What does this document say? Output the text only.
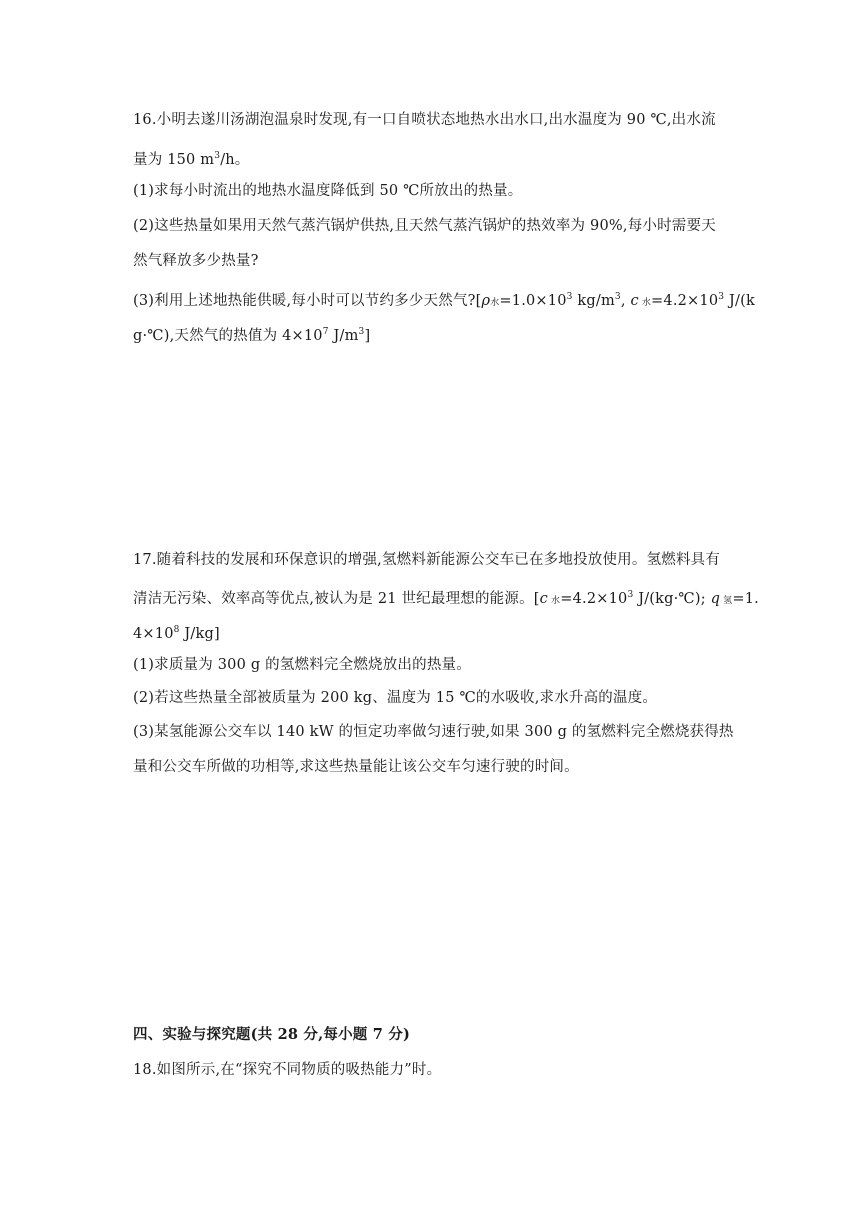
16.小明去遂川汤湖泡温泉时发现,有一口自喷状态地热水出水口,出水温度为 90 ℃,出水流
量为 150 $m^3/h$。
(1)求每小时流出的地热水温度降低到 50 ℃所放出的热量。
(2)这些热量如果用天然气蒸汽锅炉供热,且天然气蒸汽锅炉的热效率为 90%,每小时需要天
然气释放多少热量?
(3)利用上述地热能供暖,每小时可以节约多少天然气?[ρ水$=1.0\times 10^3$ $kg/m^3$, c 水$=4.2\times 10^3$ J/(k
g·℃),天然气的热值为 $4\times 10^7$ $J/m^3$]
17.随着科技的发展和环保意识的增强,氢燃料新能源公交车已在多地投放使用。氢燃料具有
清洁无污染、效率高等优点,被认为是 21 世纪最理想的能源。[c 水$=4.2\times 10^3$ J/(kg·℃); q 氢=1.
$4\times 10^8$ J/kg]
(1)求质量为 300 g 的氢燃料完全燃烧放出的热量。
(2)若这些热量全部被质量为 200 kg、温度为 15 ℃的水吸收,求水升高的温度。
(3)某氢能源公交车以 140 kW 的恒定功率做匀速行驶,如果 300 g 的氢燃料完全燃烧获得热
量和公交车所做的功相等,求这些热量能让该公交车匀速行驶的时间。
四、实验与探究题(共 28 分,每小题 7 分)
18.如图所示,在“探究不同物质的吸热能力”时。
